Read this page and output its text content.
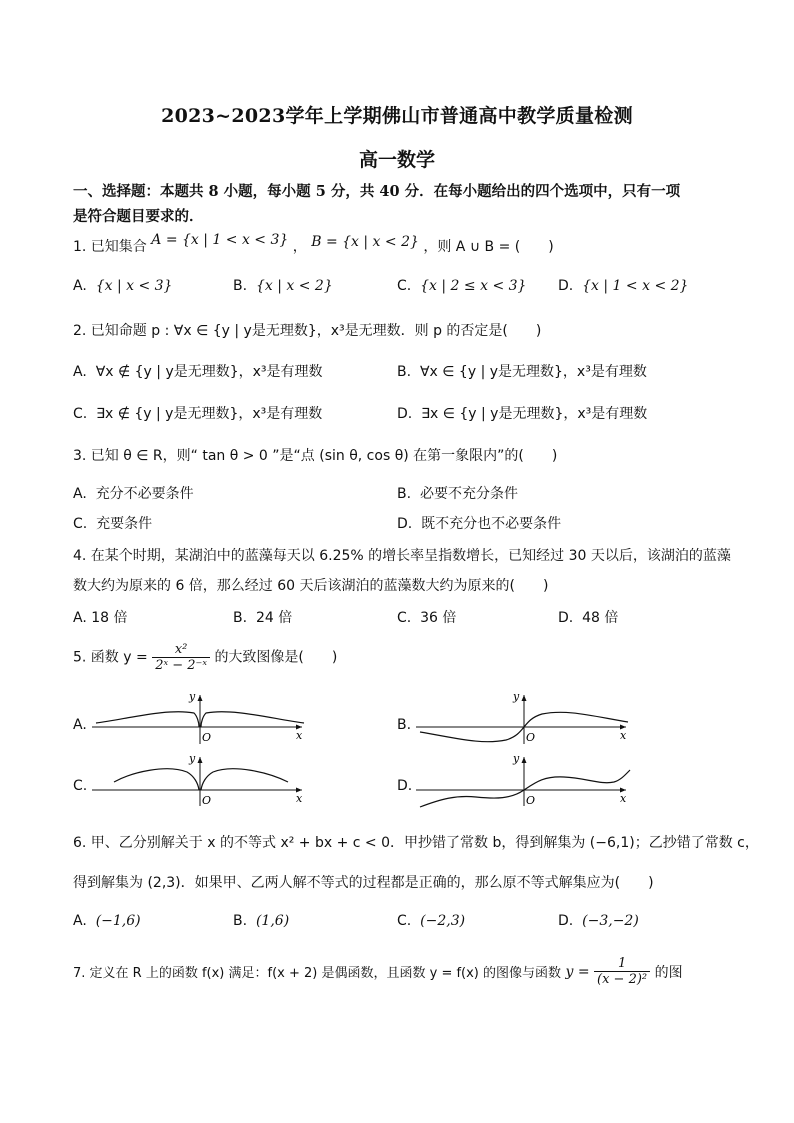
2023~2023学年上学期佛山市普通高中教学质量检测
高一数学
一、选择题：本题共 8 小题，每小题 5 分，共 40 分．在每小题给出的四个选项中，只有一项
是符合题目要求的．
1. 已知集合 A = {x | 1 < x < 3} ， B = {x | x < 2} ，则 A ∪ B = (　　)
A. {x | x < 3}	B. {x | x < 2}	C. {x | 2 ≤ x < 3} D. {x | 1 < x < 2}
2. 已知命题 p : ∀x ∈ {y | y是无理数}，x³是无理数．则 p 的否定是(　　)
A. ∀x ∉ {y | y是无理数}，x³是有理数	B. ∀x ∈ {y | y是无理数}，x³是有理数
C. ∃x ∉ {y | y是无理数}，x³是有理数	D. ∃x ∈ {y | y是无理数}，x³是有理数
3. 已知 θ ∈ R，则“ tan θ > 0 ”是“点 (sin θ, cos θ) 在第一象限内”的(　　)
A. 充分不必要条件	B. 必要不充分条件
C. 充要条件	D. 既不充分也不必要条件
4. 在某个时期，某湖泊中的蓝藻每天以 6.25% 的增长率呈指数增长，已知经过 30 天以后，该湖泊的蓝藻
数大约为原来的 6 倍，那么经过 60 天后该湖泊的蓝藻数大约为原来的(　　)
A. 18 倍	B. 24 倍	C. 36 倍	D. 48 倍
5. 函数 $y = \frac{\text{x²}}{\text{2ˣ − 2⁻ˣ}}$ 的大致图像是(　　)
A.
y
O	x
B.
y
O	x
C.
y
O	x
D.
y
O	x
6. 甲、乙分别解关于 x 的不等式 x² + bx + c < 0．甲抄错了常数 b，得到解集为 (−6,1)；乙抄错了常数 c，
得到解集为 (2,3)．如果甲、乙两人解不等式的过程都是正确的，那么原不等式解集应为(　　)
A. (−1,6)	B. (1,6)	C. (−2,3)	D. (−3,−2)
7. 定义在 R 上的函数 f(x) 满足：f(x + 2) 是偶函数，且函数 y = f(x) 的图像与函数 $y = \frac{1}{\text{(x − 2)²}}$ 的图
